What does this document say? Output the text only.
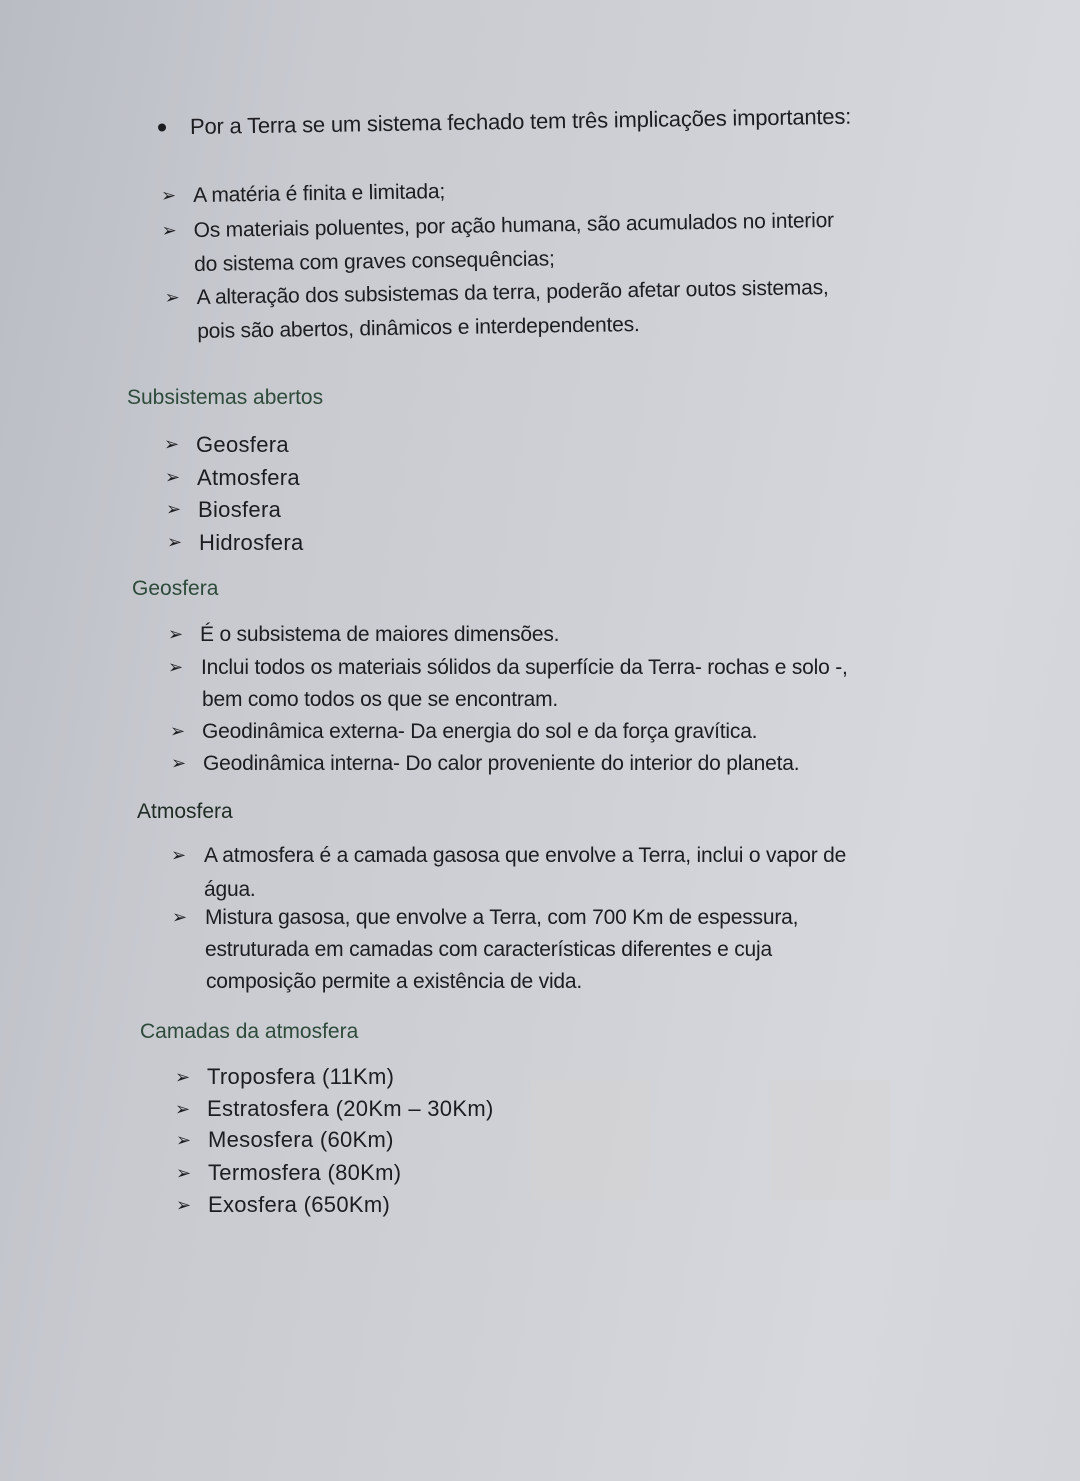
Por a Terra se um sistema fechado tem três implicações importantes:
➢ A matéria é finita e limitada;
➢ Os materiais poluentes, por ação humana, são acumulados no interior
do sistema com graves consequências;
➢ A alteração dos subsistemas da terra, poderão afetar outos sistemas,
pois são abertos, dinâmicos e interdependentes.
Subsistemas abertos
➢ Geosfera
➢ Atmosfera
➢ Biosfera
➢ Hidrosfera
Geosfera
➢ É o subsistema de maiores dimensões.
➢ Inclui todos os materiais sólidos da superfície da Terra- rochas e solo -,
bem como todos os que se encontram.
➢ Geodinâmica externa- Da energia do sol e da força gravítica.
➢ Geodinâmica interna- Do calor proveniente do interior do planeta.
Atmosfera
➢ A atmosfera é a camada gasosa que envolve a Terra, inclui o vapor de
água.
➢ Mistura gasosa, que envolve a Terra, com 700 Km de espessura,
estruturada em camadas com características diferentes e cuja
composição permite a existência de vida.
Camadas da atmosfera
➢ Troposfera (11Km)
➢ Estratosfera (20Km – 30Km)
➢ Mesosfera (60Km)
➢ Termosfera (80Km)
➢ Exosfera (650Km)
